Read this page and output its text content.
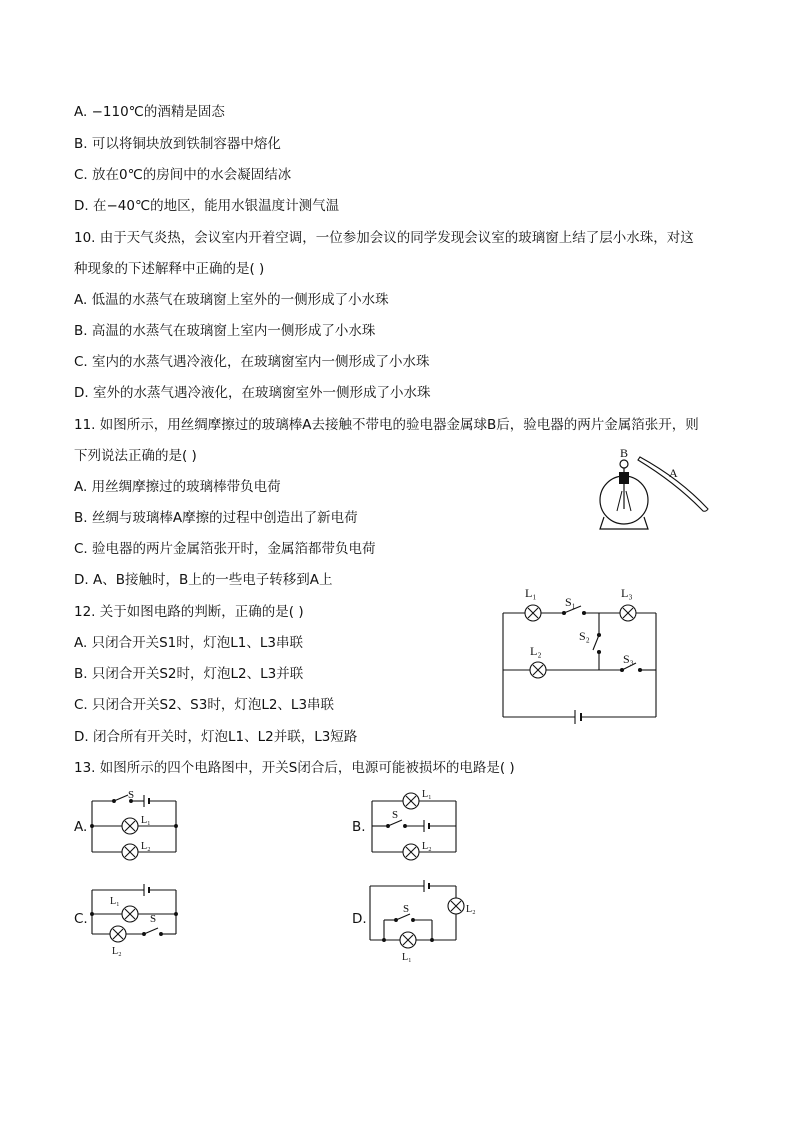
A. −110℃的酒精是固态
B. 可以将铜块放到铁制容器中熔化
C. 放在0℃的房间中的水会凝固结冰
D. 在−40℃的地区，能用水银温度计测气温
10. 由于天气炎热，会议室内开着空调，一位参加会议的同学发现会议室的玻璃窗上结了层小水珠，对这
种现象的下述解释中正确的是( )
A. 低温的水蒸气在玻璃窗上室外的一侧形成了小水珠
B. 高温的水蒸气在玻璃窗上室内一侧形成了小水珠
C. 室内的水蒸气遇冷液化，在玻璃窗室内一侧形成了小水珠
D. 室外的水蒸气遇冷液化，在玻璃窗室外一侧形成了小水珠
11. 如图所示，用丝绸摩擦过的玻璃棒A去接触不带电的验电器金属球B后，验电器的两片金属箔张开，则
下列说法正确的是( )
A. 用丝绸摩擦过的玻璃棒带负电荷
B. 丝绸与玻璃棒A摩擦的过程中创造出了新电荷
C. 验电器的两片金属箔张开时，金属箔都带负电荷
D. A、B接触时，B上的一些电子转移到A上
B
A
12. 关于如图电路的判断，正确的是( )
A. 只闭合开关S1时，灯泡L1、L3串联
B. 只闭合开关S2时，灯泡L2、L3并联
C. 只闭合开关S2、S3时，灯泡L2、L3串联
D. 闭合所有开关时，灯泡L1、L2并联，L3短路
L₁
S₁
L₃
S₂
L₂
S₃
13. 如图所示的四个电路图中，开关S闭合后，电源可能被损坏的电路是( )
A.
S
L₁
L₂
B.
L₁
S
L₂
C.
L₁
S
L₂
D.
S	L₂
L₁
